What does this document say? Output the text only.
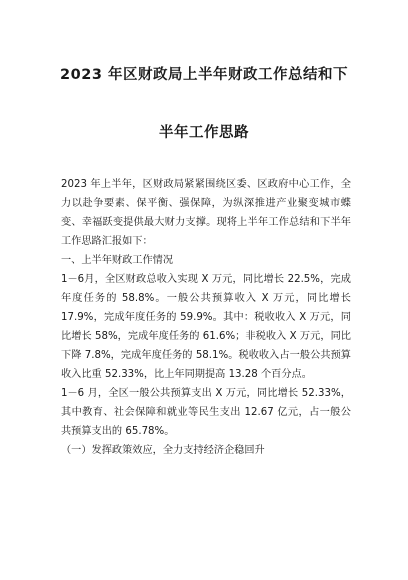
2023 年区财政局上半年财政工作总结和下
半年工作思路

2023 年上半年，区财政局紧紧围绕区委、区政府中心工作，全力以赴争要素、保平衡、强保障，为纵深推进产业聚变城市蝶变、幸福跃变提供最大财力支撑。现将上半年工作总结和下半年工作思路汇报如下：

一、上半年财政工作情况

1－6月，全区财政总收入实现 X 万元，同比增长 22.5%，完成年度任务的 58.8%。一般公共预算收入 X 万元，同比增长 17.9%，完成年度任务的 59.9%。其中：税收收入 X 万元，同比增长 58%，完成年度任务的 61.6%；非税收入 X 万元，同比下降 7.8%，完成年度任务的 58.1%。税收收入占一般公共预算收入比重 52.33%，比上年同期提高 13.28 个百分点。

1－6 月，全区一般公共预算支出 X 万元，同比增长 52.33%，其中教育、社会保障和就业等民生支出 12.67 亿元，占一般公共预算支出的 65.78%。

（一）发挥政策效应，全力支持经济企稳回升
